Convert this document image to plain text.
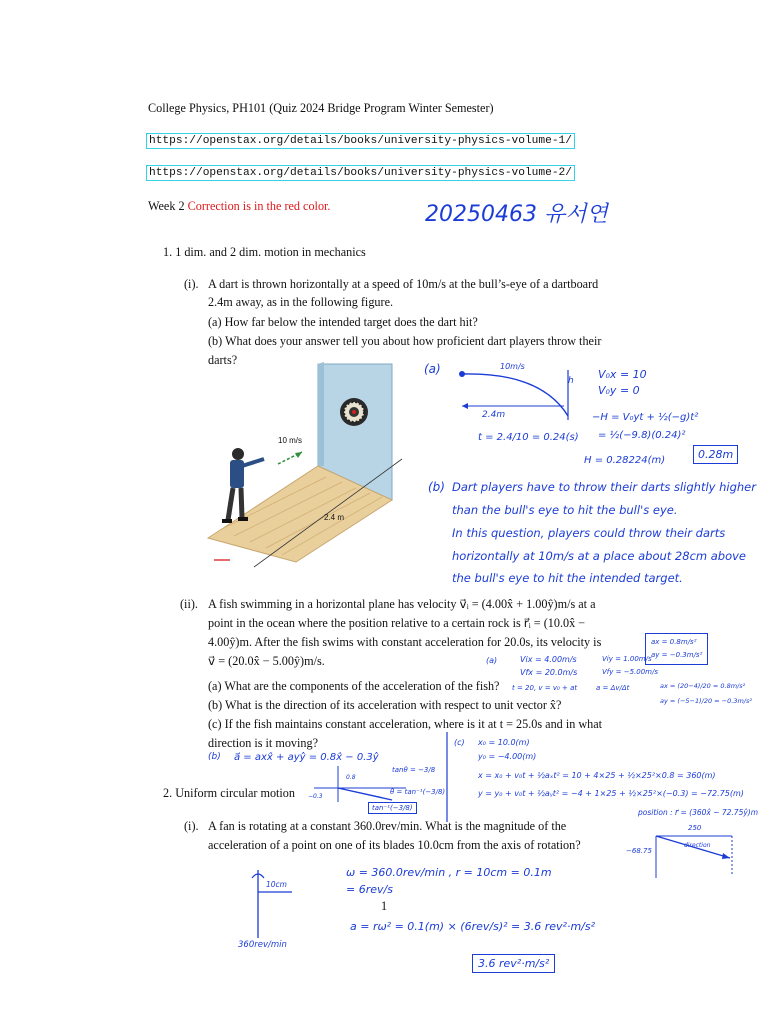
College Physics, PH101 (Quiz 2024 Bridge Program Winter Semester)
https://openstax.org/details/books/university-physics-volume-1/
https://openstax.org/details/books/university-physics-volume-2/
Week 2 Correction is in the red color.	20250463 유서연
1. 1 dim. and 2 dim. motion in mechanics
(i). A dart is thrown horizontally at a speed of 10m/s at the bull’s-eye of a dartboard
2.4m away, as in the following figure.
(a) How far below the intended target does the dart hit?
(b) What does your answer tell you about how proficient dart players throw their
darts?
10 m/s
2.4 m
(a)	10m/s
h V₀x = 10
V₀y = 0
2.4m	−H = V₀yt + ½(−g)t²
= ½(−9.8)(0.24)²
t = 2.4/10 = 0.24(s)
H = 0.28224(m)	0.28m
(b) Dart players have to throw their darts slightly higher
than the bull's eye to hit the bull's eye.
In this question, players could throw their darts
horizontally at 10m/s at a place about 28cm above
the bull's eye to hit the intended target.
(ii). A fish swimming in a horizontal plane has velocity v⃗ᵢ = (4.00x̂ + 1.00ŷ)m/s at a
point in the ocean where the position relative to a certain rock is r⃗ᵢ = (10.0x̂ −
4.00ŷ)m. After the fish swims with constant acceleration for 20.0s, its velocity is
v⃗ = (20.0x̂ − 5.00ŷ)m/s.
(a) What are the components of the acceleration of the fish?
(b) What is the direction of its acceleration with respect to unit vector x̂?
(c) If the fish maintains constant acceleration, where is it at t = 25.0s and in what
direction is it moving?
(a)	Vix = 4.00m/s
Vfx = 20.0m/s
Viy = 1.00m/s
Vfy = −5.00m/s
t = 20, v = v₀ + at	a = Δv/Δt	ax = (20−4)/20 = 0.8m/s²
ay = (−5−1)/20 = −0.3m/s²
ax = 0.8m/s²
ay = −0.3m/s²
(b) a⃗ = axx̂ + ayŷ = 0.8x̂ − 0.3ŷ
0.8
−0.3
tanθ = −3/8
θ = tan⁻¹(−3/8)
tan⁻¹(−3/8)
(c) x₀ = 10.0(m)
y₀ = −4.00(m)
x = x₀ + v₀t + ½aₓt² = 10 + 4×25 + ½×25²×0.8 = 360(m)
y = y₀ + v₀t + ½aᵧt² = −4 + 1×25 + ½×25²×(−0.3) = −72.75(m)
position : r⃗ = (360x̂ − 72.75ŷ)m
250
−68.75
direction
2. Uniform circular motion
(i). A fan is rotating at a constant 360.0rev/min. What is the magnitude of the
acceleration of a point on one of its blades 10.0cm from the axis of rotation?
10cm
360rev/min
ω = 360.0rev/min , r = 10cm = 0.1m
= 6rev/s
1
a = rω² = 0.1(m) × (6rev/s)² = 3.6 rev²·m/s²
3.6 rev²·m/s²
